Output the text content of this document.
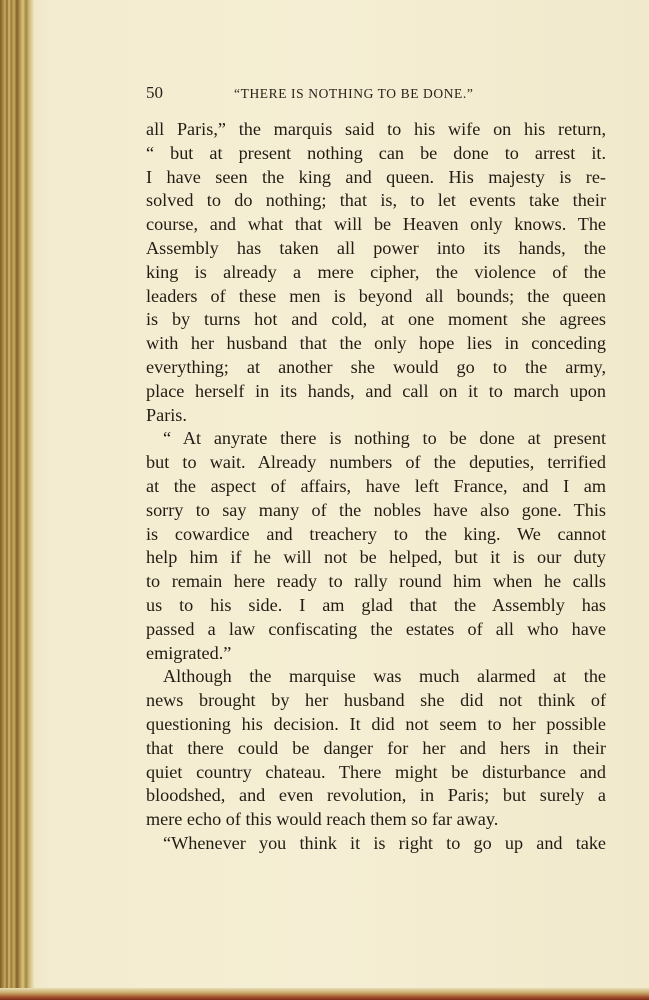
50	“THERE IS NOTHING TO BE DONE.”
all Paris,” the marquis said to his wife on his return,
“ but at present nothing can be done to arrest it.
I have seen the king and queen. His majesty is re-
solved to do nothing; that is, to let events take their
course, and what that will be Heaven only knows. The
Assembly has taken all power into its hands, the
king is already a mere cipher, the violence of the
leaders of these men is beyond all bounds; the queen
is by turns hot and cold, at one moment she agrees
with her husband that the only hope lies in conceding
everything; at another she would go to the army,
place herself in its hands, and call on it to march upon
Paris.
“ At anyrate there is nothing to be done at present
but to wait. Already numbers of the deputies, terrified
at the aspect of affairs, have left France, and I am
sorry to say many of the nobles have also gone. This
is cowardice and treachery to the king. We cannot
help him if he will not be helped, but it is our duty
to remain here ready to rally round him when he calls
us to his side. I am glad that the Assembly has
passed a law confiscating the estates of all who have
emigrated.”
Although the marquise was much alarmed at the
news brought by her husband she did not think of
questioning his decision. It did not seem to her possible
that there could be danger for her and hers in their
quiet country chateau. There might be disturbance and
bloodshed, and even revolution, in Paris; but surely a
mere echo of this would reach them so far away.
“Whenever you think it is right to go up and take
